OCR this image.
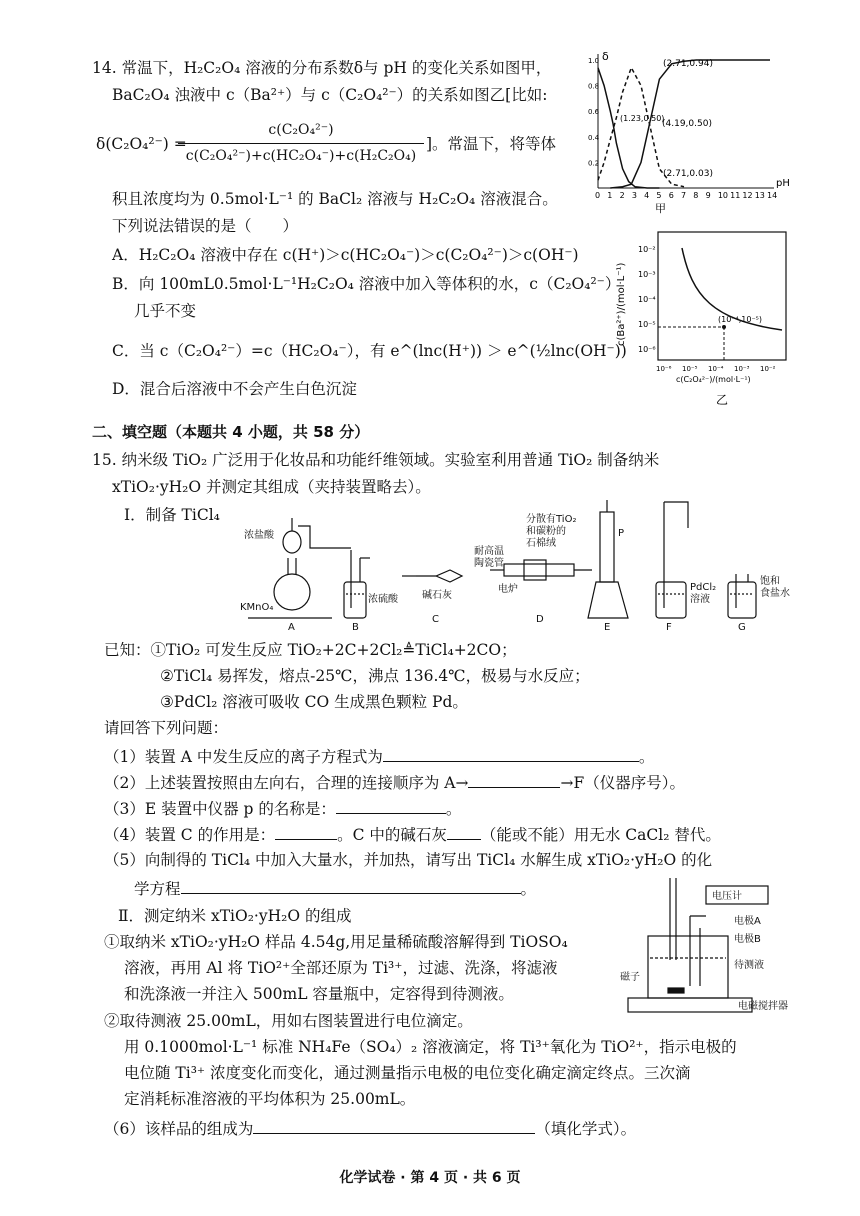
14. 常温下，H₂C₂O₄ 溶液的分布系数δ与 pH 的变化关系如图甲，
BaC₂O₄ 浊液中 c（Ba²⁺）与 c（C₂O₄²⁻）的关系如图乙[比如:
δ(C₂O₄²⁻) =
c(C₂O₄²⁻)
c(C₂O₄²⁻)+c(HC₂O₄⁻)+c(H₂C₂O₄)
]。常温下，将等体
积且浓度均为 0.5mol·L⁻¹ 的 BaCl₂ 溶液与 H₂C₂O₄ 溶液混合。
下列说法错误的是（　　）
A．H₂C₂O₄ 溶液中存在 c(H⁺)＞c(HC₂O₄⁻)＞c(C₂O₄²⁻)＞c(OH⁻)
B．向 100mL0.5mol·L⁻¹H₂C₂O₄ 溶液中加入等体积的水，c（C₂O₄²⁻）
几乎不变
C．当 c（C₂O₄²⁻）=c（HC₂O₄⁻），有 e^(lnc(H⁺)) ＞ e^(½lnc(OH⁻))
D．混合后溶液中不会产生白色沉淀
0 1 2 3 4 5 6 7 8 9 10 11 12 13 14
0.2
0.4
0.6
0.8
1.0
pH
δ
(2.71,0.94)
(1.23,0.50)
(4.19,0.50)
(2.71,0.03)
甲
10⁻²
10⁻³
10⁻⁴
10⁻⁵
10⁻⁶
10⁻⁶ 10⁻⁵ 10⁻⁴ 10⁻³ 10⁻²
(10⁻⁴,10⁻⁵)
c(C₂O₄²⁻)/(mol·L⁻¹)
c(Ba²⁺)/(mol·L⁻¹)
乙
二、填空题（本题共 4 小题，共 58 分）
15. 纳米级 TiO₂ 广泛用于化妆品和功能纤维领域。实验室利用普通 TiO₂ 制备纳米
xTiO₂·yH₂O 并测定其组成（夹持装置略去）。
Ⅰ．制备 TiCl₄
浓盐酸
KMnO₄
浓硫酸 碱石灰
耐高温
陶瓷管
分散有TiO₂
和碳粉的
石棉绒
电炉
P
PdCl₂
溶液
饱和
食盐水
A	B
C	D
E	F	G
已知：①TiO₂ 可发生反应 TiO₂+2C+2Cl₂≜TiCl₄+2CO；
②TiCl₄ 易挥发，熔点-25℃，沸点 136.4℃，极易与水反应；
③PdCl₂ 溶液可吸收 CO 生成黑色颗粒 Pd。
请回答下列问题：
（1）装置 A 中发生反应的离子方程式为	。
（2）上述装置按照由左向右，合理的连接顺序为 A→	→F（仪器序号）。
（3）E 装置中仪器 p 的名称是：	。
（4）装置 C 的作用是：	。C 中的碱石灰 （能或不能）用无水 CaCl₂ 替代。
（5）向制得的 TiCl₄ 中加入大量水，并加热，请写出 TiCl₄ 水解生成 xTiO₂·yH₂O 的化
学方程	。
Ⅱ．测定纳米 xTiO₂·yH₂O 的组成
①取纳米 xTiO₂·yH₂O 样品 4.54g,用足量稀硫酸溶解得到 TiOSO₄
溶液，再用 Al 将 TiO²⁺全部还原为 Ti³⁺，过滤、洗涤，将滤液
和洗涤液一并注入 500mL 容量瓶中，定容得到待测液。
②取待测液 25.00mL，用如右图装置进行电位滴定。
用 0.1000mol·L⁻¹ 标准 NH₄Fe（SO₄）₂ 溶液滴定，将 Ti³⁺氧化为 TiO²⁺，指示电极的
电位随 Ti³⁺ 浓度变化而变化，通过测量指示电极的电位变化确定滴定终点。三次滴
定消耗标准溶液的平均体积为 25.00mL。
（6）该样品的组成为	（填化学式）。
电压计
电极A
电极B
磁子
待测液
电磁搅拌器
化学试卷 · 第 4 页 · 共 6 页
